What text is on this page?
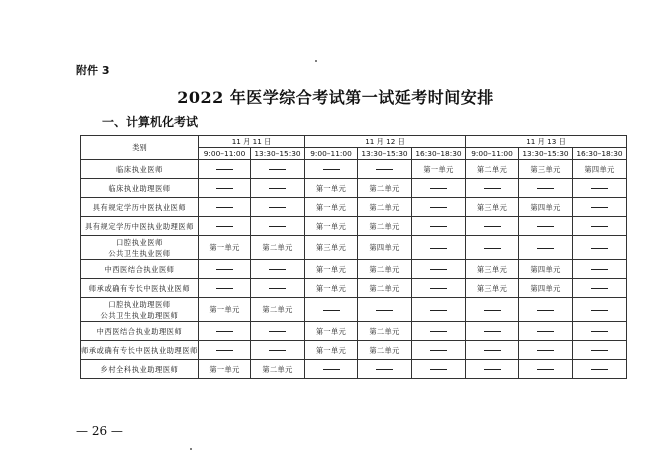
附件 3
2022 年医学综合考试第一试延考时间安排
一、计算机化考试
类别	11 月 11 日		11 月 12 日			11 月 13 日		
	9:00–11:00	13:30–15:30	9:00–11:00	13:30–15:30	16:30–18:30	9:00–11:00	13:30–15:30	16:30–18:30

临床执业医师					第一单元	第二单元	第三单元	第四单元

临床执业助理医师			第一单元	第二单元				

具有规定学历中医执业医师			第一单元	第二单元		第三单元	第四单元	

具有规定学历中医执业助理医师			第一单元	第二单元				

口腔执业医师
公共卫生执业医师	第一单元	第二单元	第三单元	第四单元				

中西医结合执业医师			第一单元	第二单元		第三单元	第四单元	

师承或确有专长中医执业医师			第一单元	第二单元		第三单元	第四单元	

口腔执业助理医师
公共卫生执业助理医师	第一单元	第二单元						

中西医结合执业助理医师			第一单元	第二单元				

师承或确有专长中医执业助理医师			第一单元	第二单元				

乡村全科执业助理医师	第一单元	第二单元						
— 26 —
